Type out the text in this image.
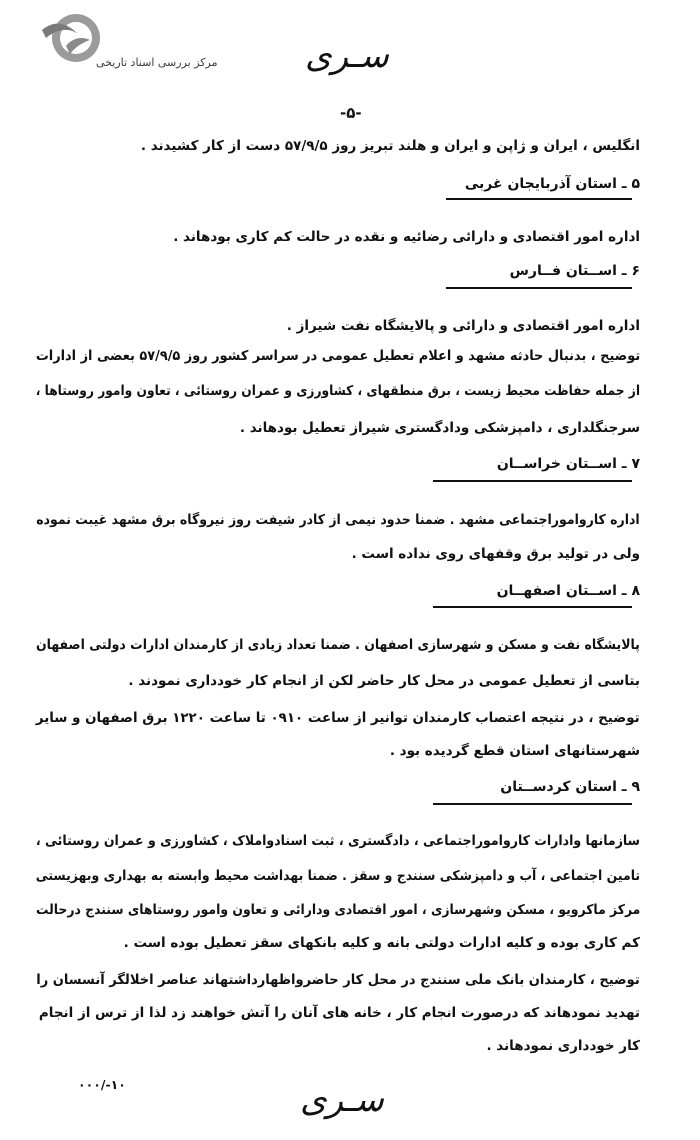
مرکز بررسی اسناد تاریخی	سـری
-۵-
انگلیس ، ایران و ژاپن و ایران و هلند تبریز روز ۵۷/۹/۵ دست از کار کشیدند .
۵ ـ استان آذربایجان غربی
اداره امور اقتصادی و دارائی رضائیه و نقده در حالت کم کاری بودهاند .
۶ ـ اســتان فــارس
اداره امور اقتصادی و دارائی و پالایشگاه نفت شیراز .
توضیح ، بدنبال حادثه مشهد و اعلام تعطیل عمومی در سراسر کشور روز ۵۷/۹/۵ بعضی از ادارات
از جمله حفاظت محیط زیست ، برق منطقهای ، کشاورزی و عمران روستائی ، تعاون وامور روستاها ،
سرجنگلداری ، دامپزشکی ودادگستری شیراز تعطیل بودهاند .
۷ ـ اســتان خراســان
اداره کارواموراجتماعی مشهد . ضمنا حدود نیمی از کادر شیفت روز نیروگاه برق مشهد غیبت نموده
ولی در تولید برق وقفهای روی نداده است .
۸ ـ اســتان اصفهــان
پالایشگاه نفت و مسکن و شهرسازی اصفهان . ضمنا تعداد زیادی از کارمندان ادارات دولتی اصفهان
بتاسی از تعطیل عمومی در محل کار حاضر لکن از انجام کار خودداری نمودند .
توضیح ، در نتیجه اعتصاب کارمندان توانیر از ساعت ۰۹۱۰ تا ساعت ۱۲۲۰ برق اصفهان و سایر
شهرستانهای استان قطع گردیده بود .
۹ ـ استان کردســتان
سازمانها وادارات کارواموراجتماعی ، دادگستری ، ثبت اسنادواملاک ، کشاورزی و عمران روستائی ،
تامین اجتماعی ، آب و دامپزشکی سنندج و سقز . ضمنا بهداشت محیط وابسته به بهداری وبهزیستی
مرکز ماکرویو ، مسکن وشهرسازی ، امور اقتصادی ودارائی و تعاون وامور روستاهای سنندج درحالت
کم کاری بوده و کلیه ادارات دولتی بانه و کلیه بانکهای سقز تعطیل بوده است .
توضیح ، کارمندان بانک ملی سنندج در محل کار حاضرواظهارداشتهاند عناصر اخلالگر آنسسان را
تهدید نمودهاند که درصورت انجام کار ، خانه های آنان را آتش خواهند زد لذا از ترس از انجام
کار خودداری نمودهاند .
۰۰۰/-۱۰	سـری
